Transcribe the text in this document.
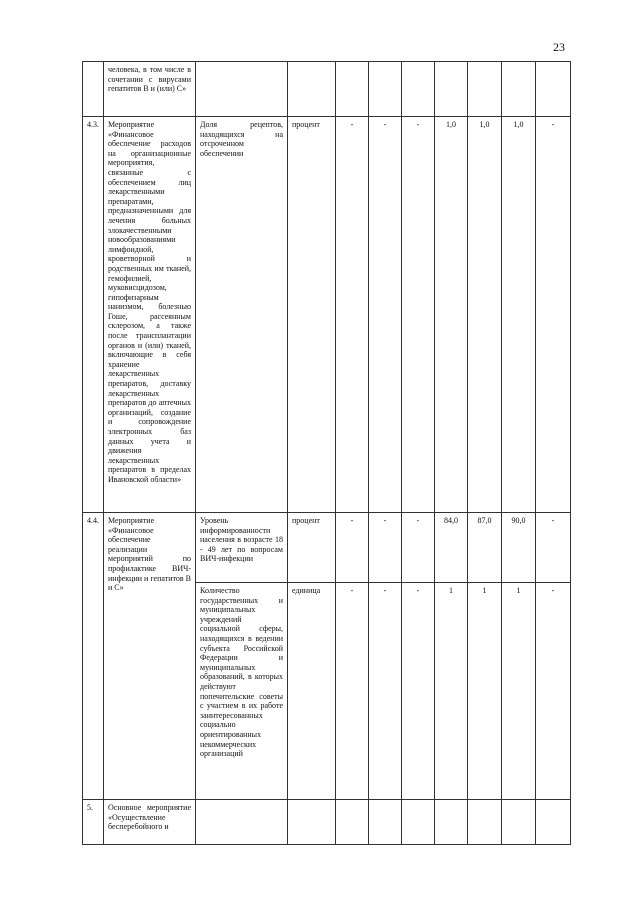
23
	человека, в том числе в сочетании с вирусами гепатитов В и (или) С»									
4.3.	Мероприятие «Финансовое обеспечение расходов на организационные мероприятия, связанные с обеспечением лиц лекарственными препаратами, предназначенными для лечения больных злокачественными новообразованиями лимфоидной, кроветворной и родственных им тканей, гемофилией, муковисцидозом, гипофизарным нанизмом, болезнью Гоше, рассеянным склерозом, а также после трансплантации органов и (или) тканей, включающие в себя хранение лекарственных препаратов, доставку лекарственных препаратов до аптечных организаций, создание и сопровождение электронных баз данных учета и движения лекарственных препаратов в пределах Ивановской области»	Доля рецептов, находящихся на отсроченном обеспечении	процент	-	-	-	1,0	1,0	1,0	-
4.4.	Мероприятие «Финансовое обеспечение реализации мероприятий по профилактике ВИЧ-инфекции и гепатитов В и С»	Уровень информированности населения в возрасте 18 - 49 лет по вопросам ВИЧ-инфекции	процент	-	-	-	84,0	87,0	90,0	-
		Количество государственных и муниципальных учреждений социальной сферы, находящихся в ведении субъекта Российской Федерации и муниципальных образований, в которых действуют попечительские советы с участием в их работе заинтересованных социально ориентированных некоммерческих организаций	единица	-	-	-	1	1	1	-
5.	Основное мероприятие «Осуществление бесперебойного и									
